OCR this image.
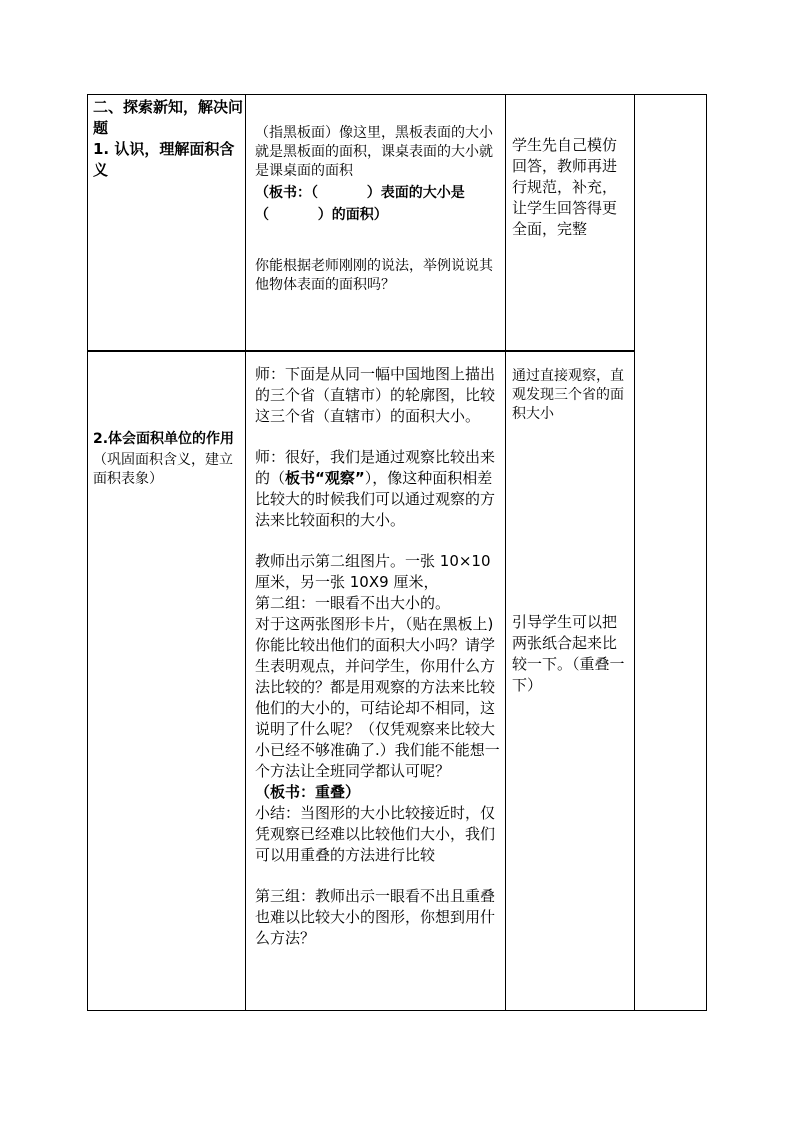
二、探索新知，解决问题

1. 认识，理解面积含义

（指黑板面）像这里，黑板表面的大小就是黑板面的面积，课桌表面的大小就是课桌面的面积

（板书：（          ）表面的大小是

（          ）的面积）

你能根据老师刚刚的说法，举例说说其他物体表面的面积吗？

学生先自己模仿回答，教师再进行规范，补充，让学生回答得更全面，完整

2.体会面积单位的作用

（巩固面积含义，建立面积表象）

师：下面是从同一幅中国地图上描出的三个省（直辖市）的轮廓图，比较这三个省（直辖市）的面积大小。

师：很好，我们是通过观察比较出来的（板书“观察”），像这种面积相差比较大的时候我们可以通过观察的方法来比较面积的大小。

教师出示第二组图片。一张 10×10 厘米，另一张 10X9 厘米，

第二组：一眼看不出大小的。

对于这两张图形卡片，（贴在黑板上)你能比较出他们的面积大小吗？请学生表明观点，并问学生，你用什么方法比较的？都是用观察的方法来比较他们的大小的，可结论却不相同，这说明了什么呢？（仅凭观察来比较大小已经不够准确了.）我们能不能想一个方法让全班同学都认可呢？

（板书：重叠）

小结：当图形的大小比较接近时，仅凭观察已经难以比较他们大小，我们可以用重叠的方法进行比较

第三组：教师出示一眼看不出且重叠也难以比较大小的图形，你想到用什么方法？

通过直接观察，直观发现三个省的面积大小

引导学生可以把两张纸合起来比较一下。（重叠一下）
